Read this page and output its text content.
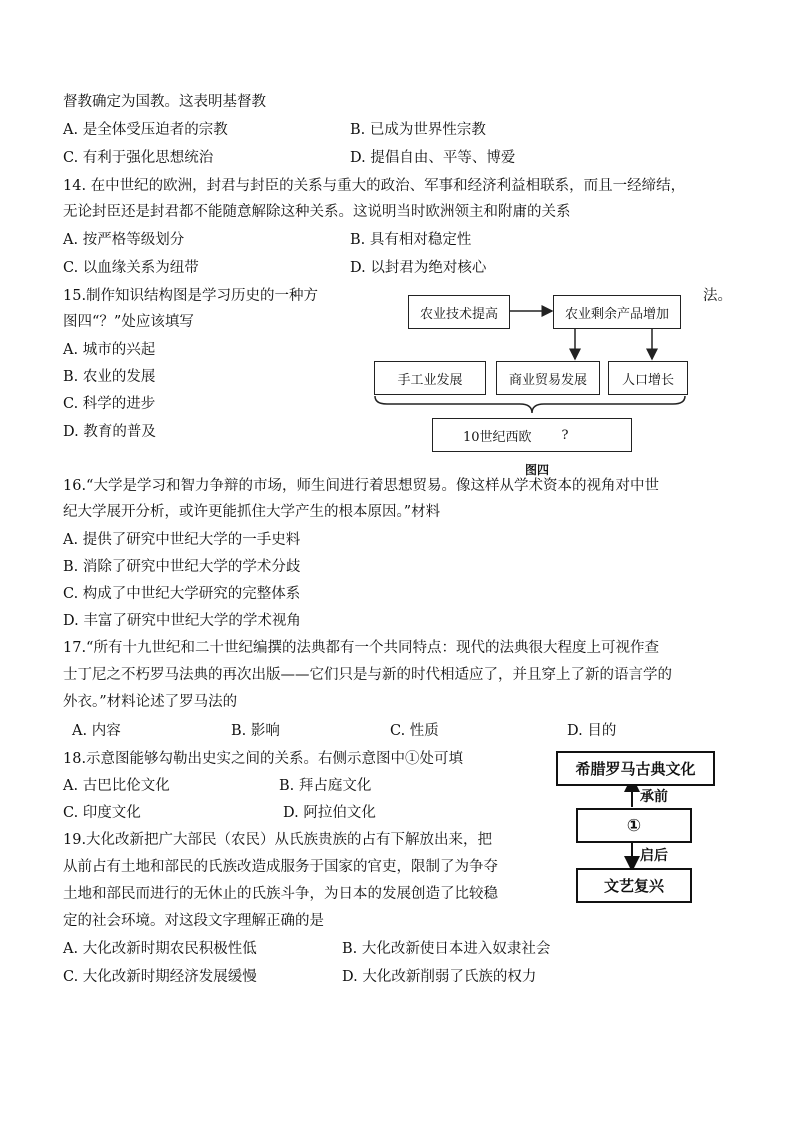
督教确定为国教。这表明基督教
A. 是全体受压迫者的宗教	B. 已成为世界性宗教
C. 有利于强化思想统治	D. 提倡自由、平等、博爱
14. 在中世纪的欧洲，封君与封臣的关系与重大的政治、军事和经济利益相联系，而且一经缔结，
无论封臣还是封君都不能随意解除这种关系。这说明当时欧洲领主和附庸的关系
A. 按严格等级划分	B. 具有相对稳定性
C. 以血缘关系为纽带	D. 以封君为绝对核心
15.制作知识结构图是学习历史的一种方	法。
图四“？”处应该填写
A. 城市的兴起
B. 农业的发展
C. 科学的进步
D. 教育的普及
农业技术提高	农业剩余产品增加
手工业发展	商业贸易发展	人口增长
10世纪西欧 ?
图四
16.“大学是学习和智力争辩的市场，师生间进行着思想贸易。像这样从学术资本的视角对中世
纪大学展开分析，或许更能抓住大学产生的根本原因。”材料
A. 提供了研究中世纪大学的一手史料
B. 消除了研究中世纪大学的学术分歧
C. 构成了中世纪大学研究的完整体系
D. 丰富了研究中世纪大学的学术视角
17.“所有十九世纪和二十世纪编撰的法典都有一个共同特点：现代的法典很大程度上可视作查
士丁尼之不朽罗马法典的再次出版——它们只是与新的时代相适应了，并且穿上了新的语言学的
外衣。”材料论述了罗马法的
A. 内容	B. 影响	C. 性质	D. 目的
18.示意图能够勾勒出史实之间的关系。右侧示意图中①处可填
A. 古巴比伦文化	B. 拜占庭文化
C. 印度文化	D. 阿拉伯文化
希腊罗马古典文化
承前
①
启后
文艺复兴
19.大化改新把广大部民（农民）从氏族贵族的占有下解放出来，把
从前占有土地和部民的氏族改造成服务于国家的官吏，限制了为争夺
土地和部民而进行的无休止的氏族斗争，为日本的发展创造了比较稳
定的社会环境。对这段文字理解正确的是
A. 大化改新时期农民积极性低	B. 大化改新使日本进入奴隶社会
C. 大化改新时期经济发展缓慢	D. 大化改新削弱了氏族的权力
